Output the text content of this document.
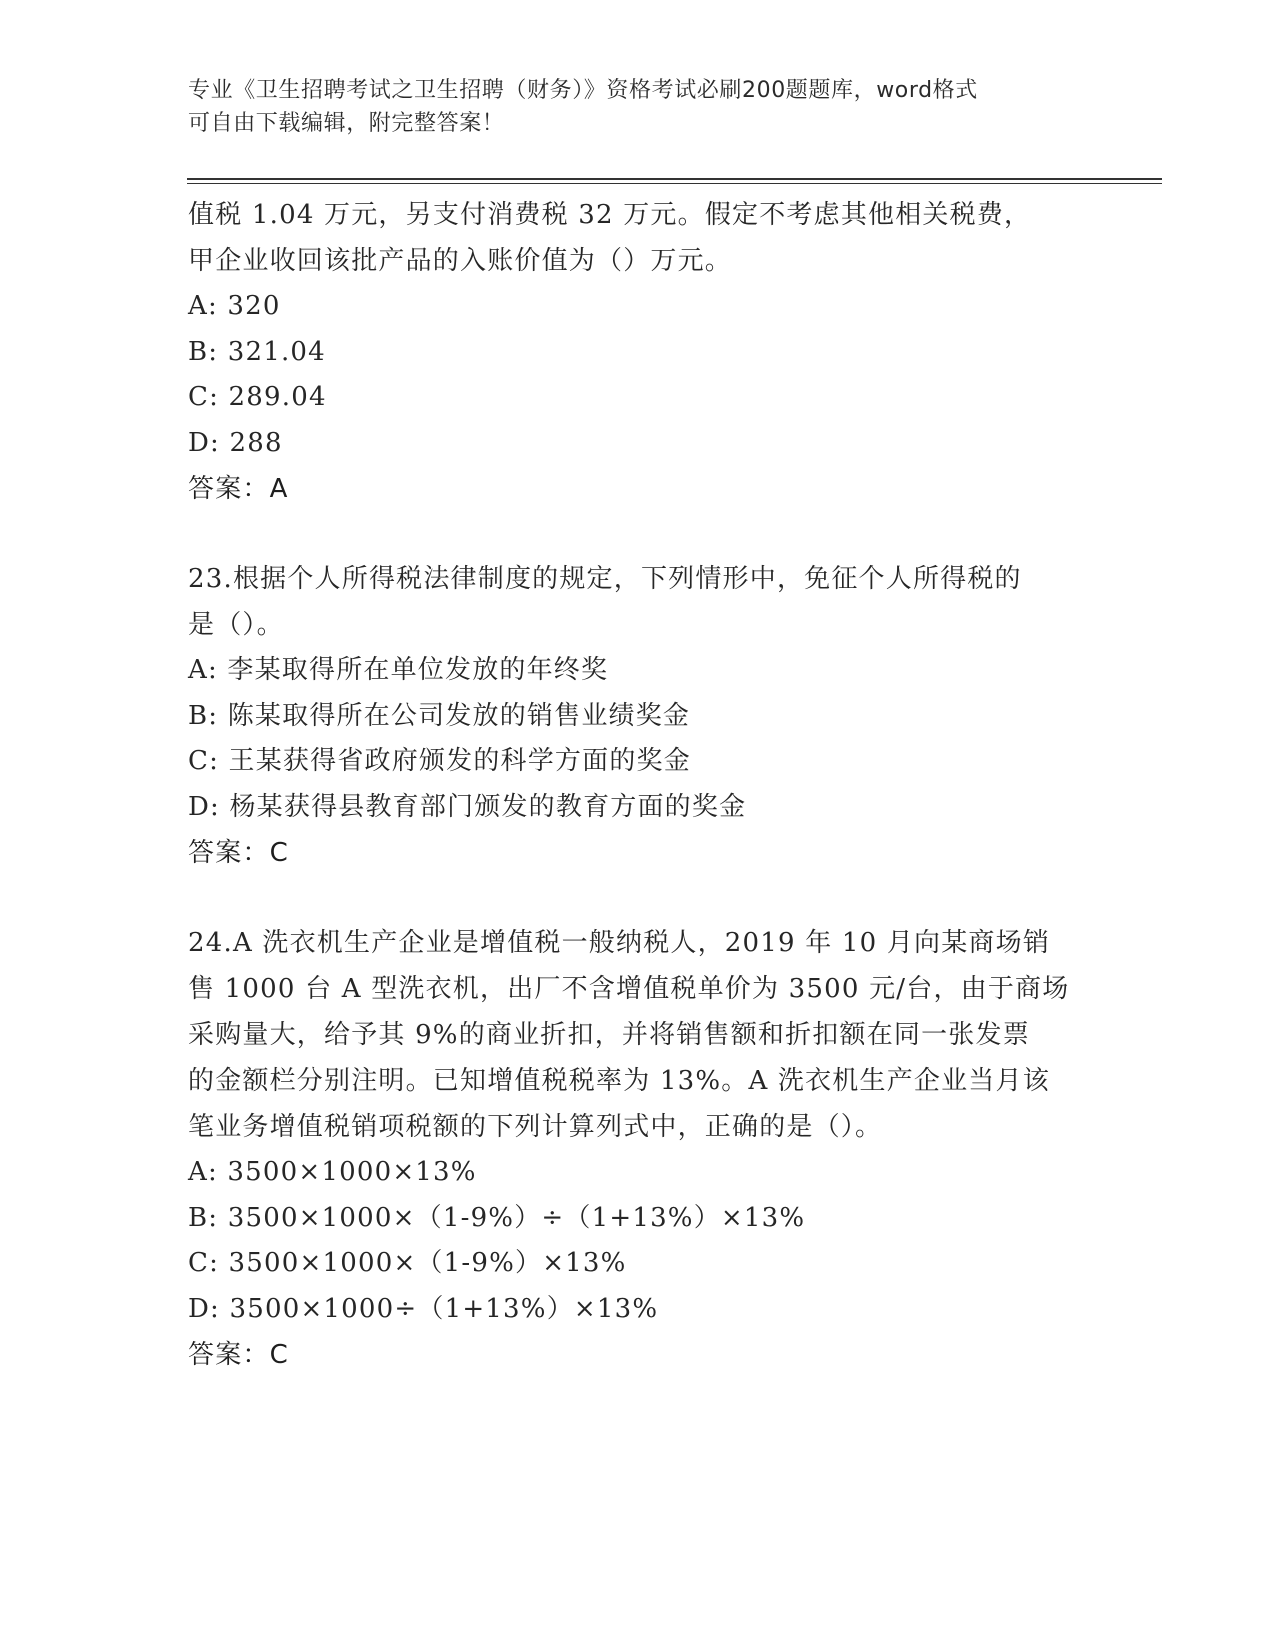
专业《卫生招聘考试之卫生招聘（财务）》资格考试必刷200题题库，word格式
可自由下载编辑，附完整答案！
值税 1.04 万元，另支付消费税 32 万元。假定不考虑其他相关税费，
甲企业收回该批产品的入账价值为（）万元。
A: 320
B: 321.04
C: 289.04
D: 288
答案：A
23.根据个人所得税法律制度的规定，下列情形中，免征个人所得税的
是（）。
A: 李某取得所在单位发放的年终奖
B: 陈某取得所在公司发放的销售业绩奖金
C: 王某获得省政府颁发的科学方面的奖金
D: 杨某获得县教育部门颁发的教育方面的奖金
答案：C
24.A 洗衣机生产企业是增值税一般纳税人，2019 年 10 月向某商场销
售 1000 台 A 型洗衣机，出厂不含增值税单价为 3500 元/台，由于商场
采购量大，给予其 9%的商业折扣，并将销售额和折扣额在同一张发票
的金额栏分别注明。已知增值税税率为 13%。A 洗衣机生产企业当月该
笔业务增值税销项税额的下列计算列式中，正确的是（）。
A: 3500×1000×13%
B: 3500×1000×（1-9%）÷（1+13%）×13%
C: 3500×1000×（1-9%）×13%
D: 3500×1000÷（1+13%）×13%
答案：C
